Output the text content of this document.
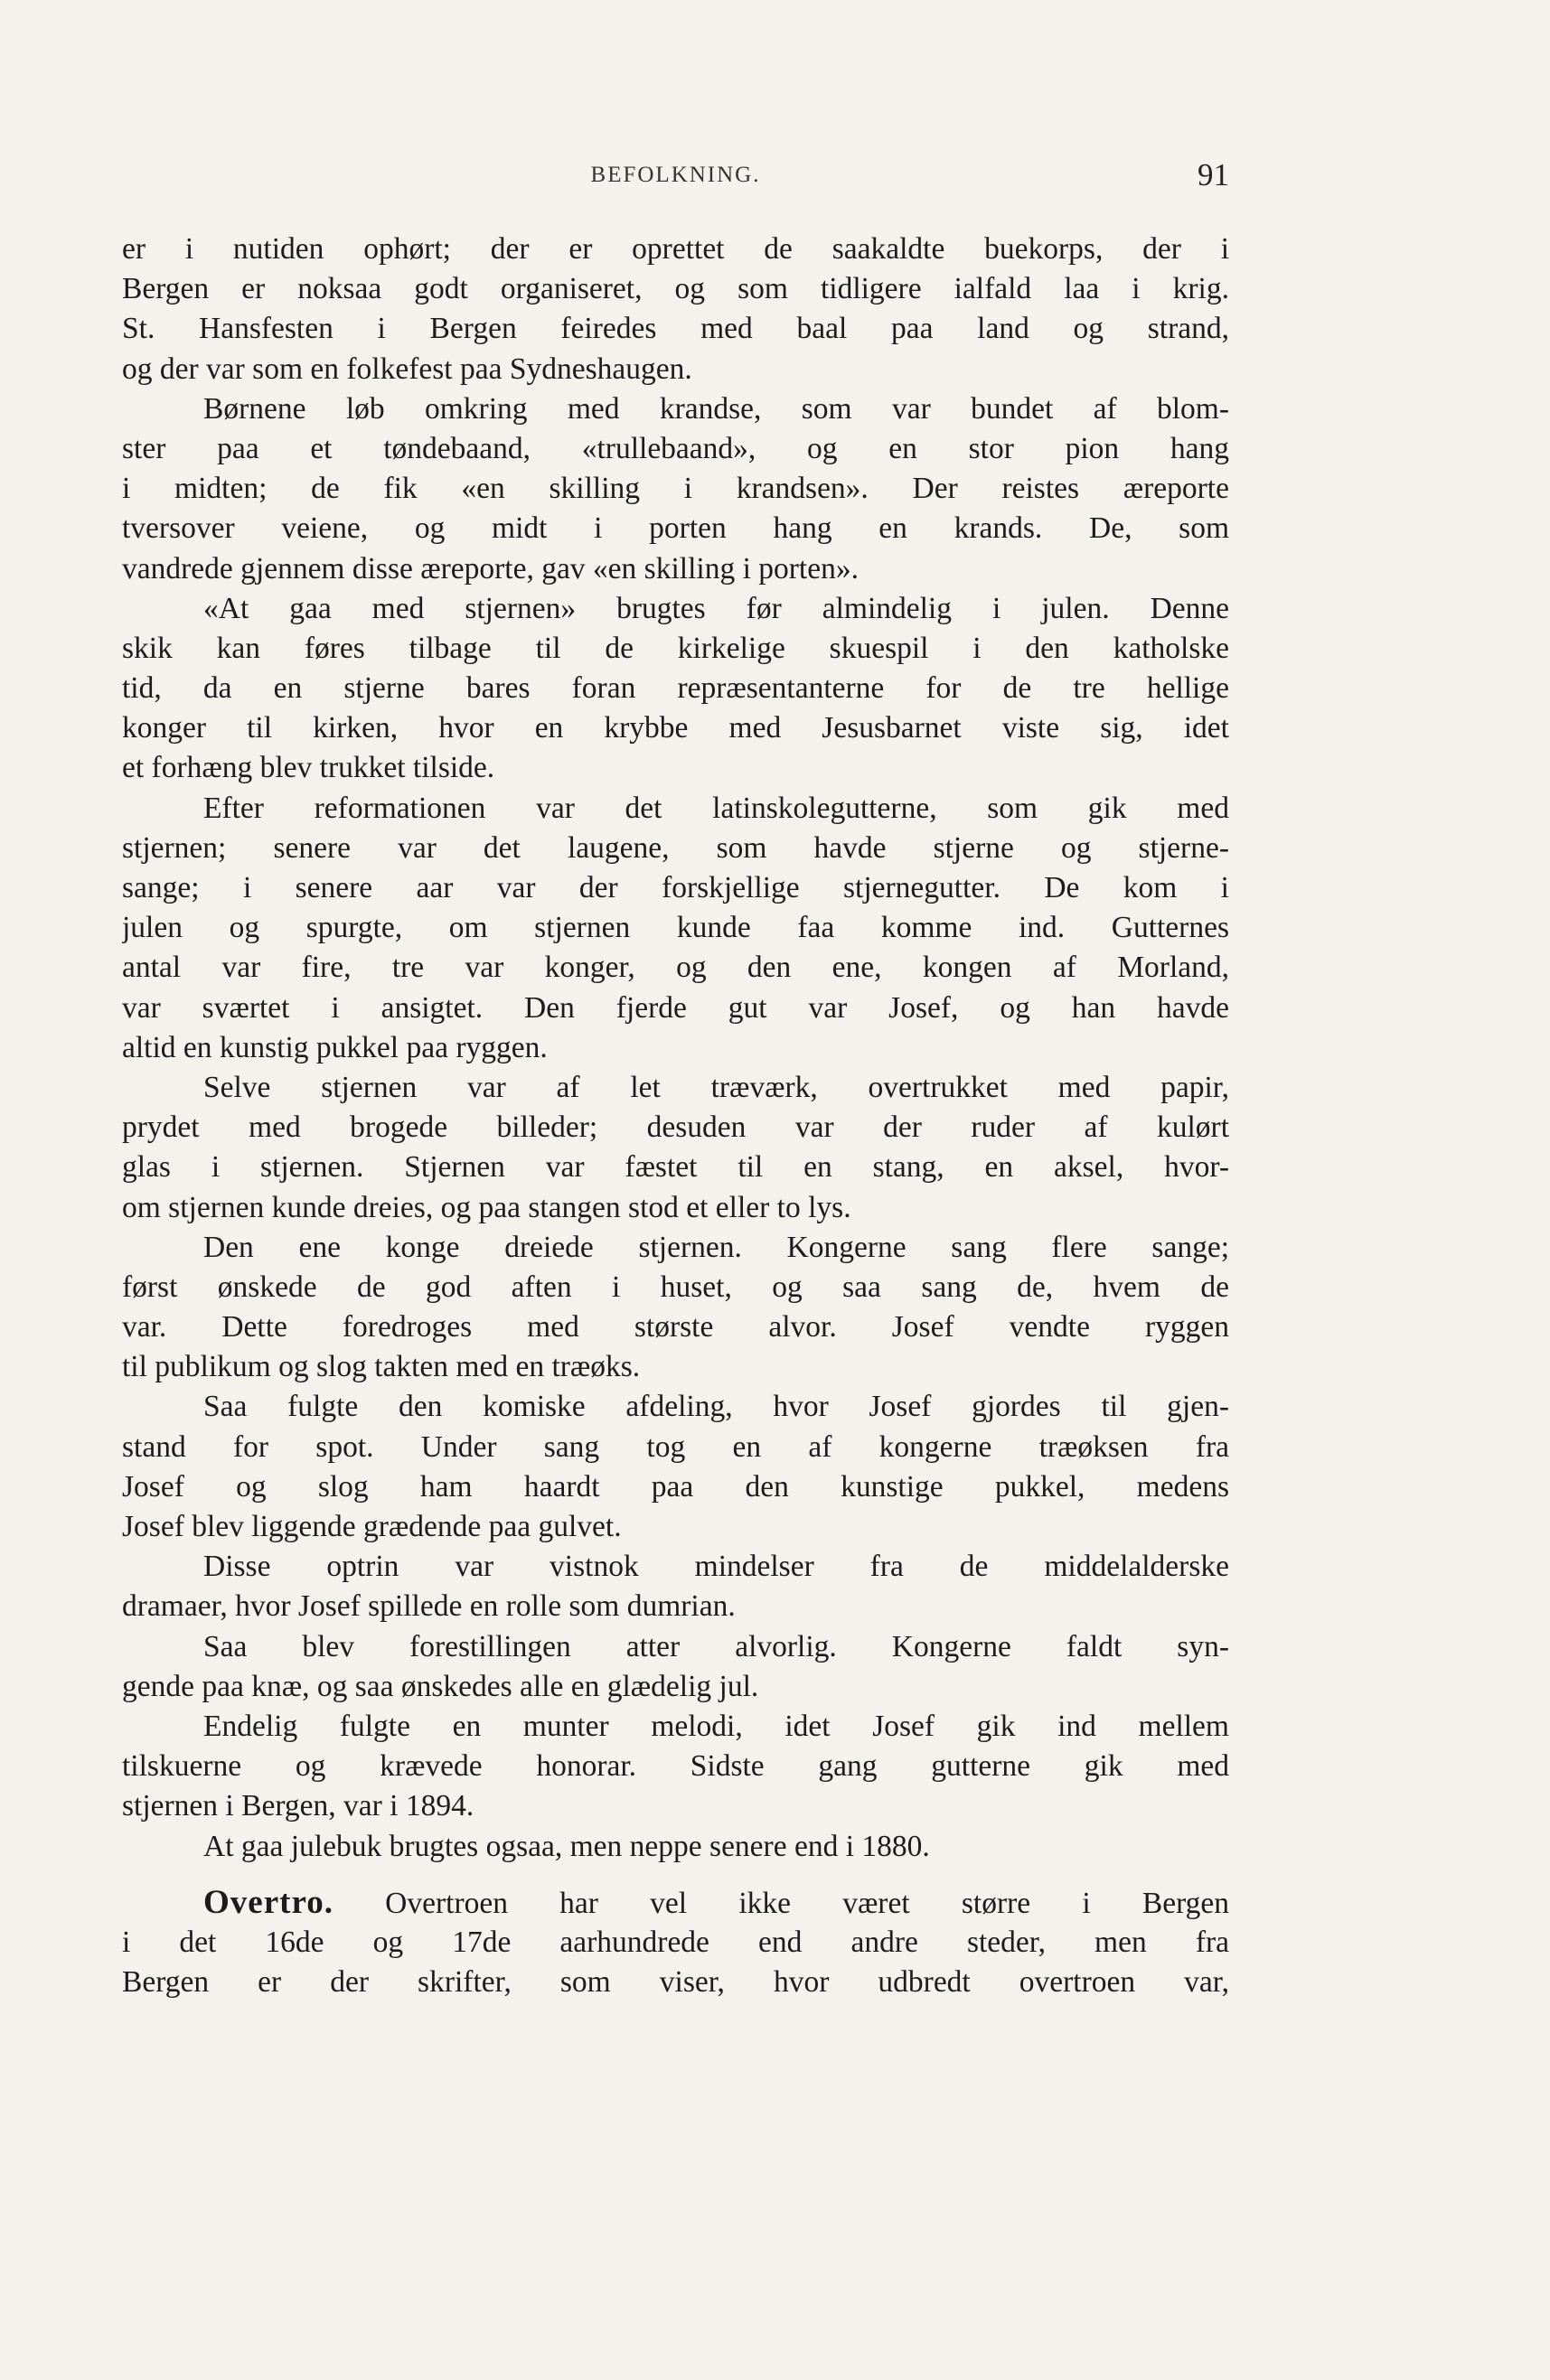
BEFOLKNING.	91
er i nutiden ophørt; der er oprettet de saakaldte buekorps, der i
Bergen er noksaa godt organiseret, og som tidligere ialfald laa i krig.
St. Hansfesten i Bergen feiredes med baal paa land og strand,
og der var som en folkefest paa Sydneshaugen.
Børnene løb omkring med krandse, som var bundet af blom-
ster paa et tøndebaand, «trullebaand», og en stor pion hang
i midten; de fik «en skilling i krandsen». Der reistes æreporte
tversover veiene, og midt i porten hang en krands. De, som
vandrede gjennem disse æreporte, gav «en skilling i porten».
«At gaa med stjernen» brugtes før almindelig i julen. Denne
skik kan føres tilbage til de kirkelige skuespil i den katholske
tid, da en stjerne bares foran repræsentanterne for de tre hellige
konger til kirken, hvor en krybbe med Jesusbarnet viste sig, idet
et forhæng blev trukket tilside.
Efter reformationen var det latinskolegutterne, som gik med
stjernen; senere var det laugene, som havde stjerne og stjerne-
sange; i senere aar var der forskjellige stjernegutter. De kom i
julen og spurgte, om stjernen kunde faa komme ind. Gutternes
antal var fire, tre var konger, og den ene, kongen af Morland,
var sværtet i ansigtet. Den fjerde gut var Josef, og han havde
altid en kunstig pukkel paa ryggen.
Selve stjernen var af let træværk, overtrukket med papir,
prydet med brogede billeder; desuden var der ruder af kulørt
glas i stjernen. Stjernen var fæstet til en stang, en aksel, hvor-
om stjernen kunde dreies, og paa stangen stod et eller to lys.
Den ene konge dreiede stjernen. Kongerne sang flere sange;
først ønskede de god aften i huset, og saa sang de, hvem de
var. Dette foredroges med største alvor. Josef vendte ryggen
til publikum og slog takten med en træøks.
Saa fulgte den komiske afdeling, hvor Josef gjordes til gjen-
stand for spot. Under sang tog en af kongerne træøksen fra
Josef og slog ham haardt paa den kunstige pukkel, medens
Josef blev liggende grædende paa gulvet.
Disse optrin var vistnok mindelser fra de middelalderske
dramaer, hvor Josef spillede en rolle som dumrian.
Saa blev forestillingen atter alvorlig. Kongerne faldt syn-
gende paa knæ, og saa ønskedes alle en glædelig jul.
Endelig fulgte en munter melodi, idet Josef gik ind mellem
tilskuerne og krævede honorar. Sidste gang gutterne gik med
stjernen i Bergen, var i 1894.
At gaa julebuk brugtes ogsaa, men neppe senere end i 1880.
Overtro. Overtroen har vel ikke været større i Bergen
i det 16de og 17de aarhundrede end andre steder, men fra
Bergen er der skrifter, som viser, hvor udbredt overtroen var,
